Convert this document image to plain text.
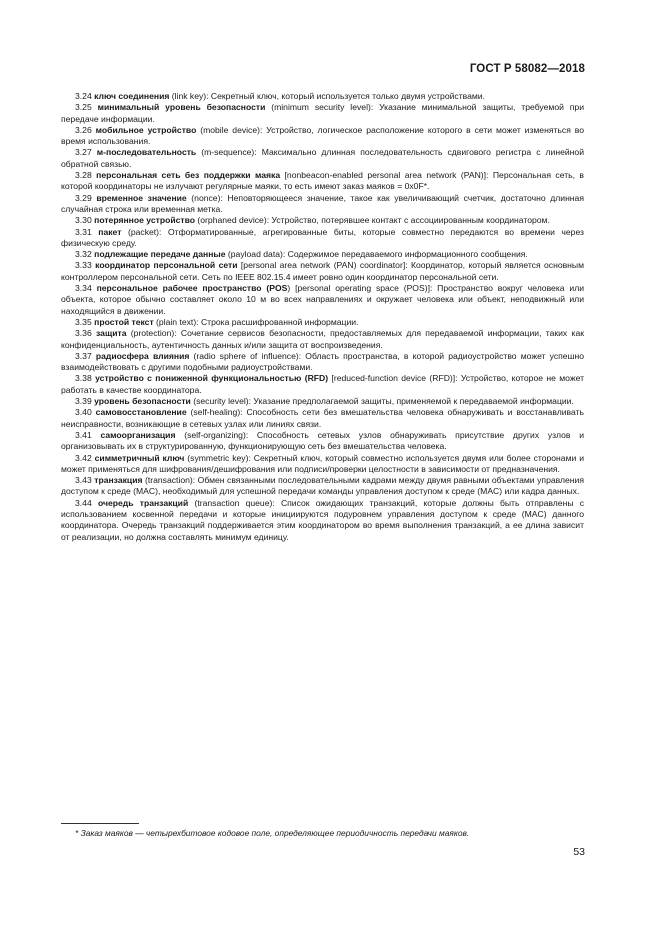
ГОСТ Р 58082—2018

3.24 ключ соединения (link key): Секретный ключ, который используется только двумя устройствами.

3.25 минимальный уровень безопасности (minimum security level): Указание минимальной защиты, требуемой при передаче информации.

3.26 мобильное устройство (mobile device): Устройство, логическое расположение которого в сети может изменяться во время использования.

3.27 м-последовательность (m-sequence): Максимально длинная последовательность сдвигового регистра с линейной обратной связью.

3.28 персональная сеть без поддержки маяка [nonbeacon-enabled personal area network (PAN)]: Персональная сеть, в которой координаторы не излучают регулярные маяки, то есть имеют заказ маяков = 0x0F*.

3.29 временное значение (nonce): Неповторяющееся значение, такое как увеличивающий счетчик, достаточно длинная случайная строка или временная метка.

3.30 потерянное устройство (orphaned device): Устройство, потерявшее контакт с ассоциированным координатором.

3.31 пакет (packet): Отформатированные, агрегированные биты, которые совместно передаются во времени через физическую среду.

3.32 подлежащие передаче данные (payload data): Содержимое передаваемого информационного сообщения.

3.33 координатор персональной сети [personal area network (PAN) coordinator]: Координатор, который является основным контроллером персональной сети. Сеть по IEEE 802.15.4 имеет ровно один координатор персональной сети.

3.34 персональное рабочее пространство (POS) [personal operating space (POS)]: Пространство вокруг человека или объекта, которое обычно составляет около 10 м во всех направлениях и окружает человека или объект, неподвижный или находящийся в движении.

3.35 простой текст (plain text): Строка расшифрованной информации.

3.36 защита (protection): Сочетание сервисов безопасности, предоставляемых для передаваемой информации, таких как конфиденциальность, аутентичность данных и/или защита от воспроизведения.

3.37 радиосфера влияния (radio sphere of influence): Область пространства, в которой радиоустройство может успешно взаимодействовать с другими подобными радиоустройствами.

3.38 устройство с пониженной функциональностью (RFD) [reduced-function device (RFD)]: Устройство, которое не может работать в качестве координатора.

3.39 уровень безопасности (security level): Указание предполагаемой защиты, применяемой к передаваемой информации.

3.40 самовосстановление (self-healing): Способность сети без вмешательства человека обнаруживать и восстанавливать неисправности, возникающие в сетевых узлах или линиях связи.

3.41 самоорганизация (self-organizing): Способность сетевых узлов обнаруживать присутствие других узлов и организовывать их в структурированную, функционирующую сеть без вмешательства человека.

3.42 симметричный ключ (symmetric key): Секретный ключ, который совместно используется двумя или более сторонами и может применяться для шифрования/дешифрования или подписи/проверки целостности в зависимости от предназначения.

3.43 транзакция (transaction): Обмен связанными последовательными кадрами между двумя равными объектами управления доступом к среде (MAC), необходимый для успешной передачи команды управления доступом к среде (MAC) или кадра данных.

3.44 очередь транзакций (transaction queue): Список ожидающих транзакций, которые должны быть отправлены с использованием косвенной передачи и которые инициируются подуровнем управления доступом к среде (MAC) данного координатора. Очередь транзакций поддерживается этим координатором во время выполнения транзакций, а ее длина зависит от реализации, но должна составлять минимум единицу.

* Заказ маяков — четырехбитовое кодовое поле, определяющее периодичность передачи маяков.
53
